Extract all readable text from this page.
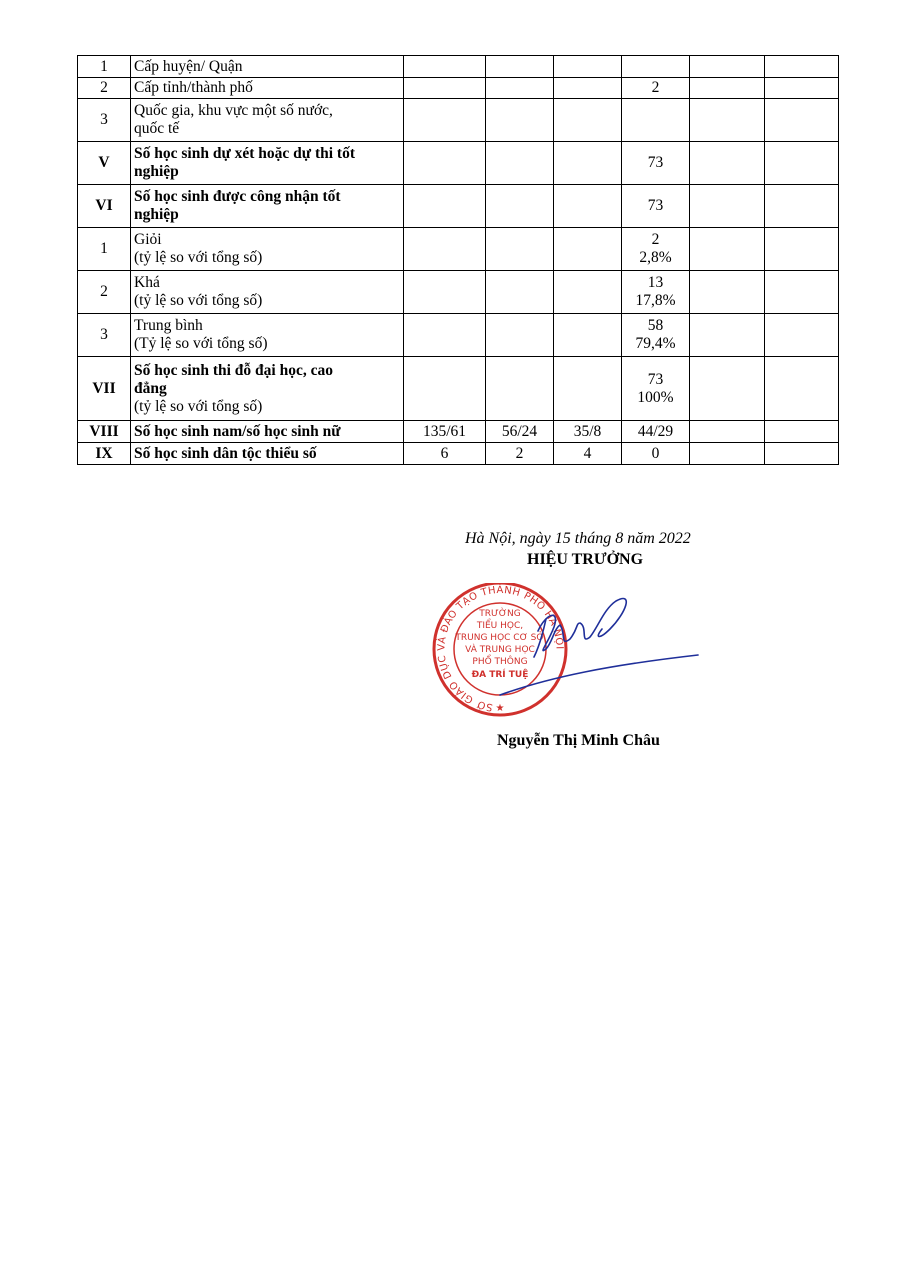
1	Cấp huyện/ Quận						

2	Cấp tỉnh/thành phố				2		

3	Quốc gia, khu vực một số nước,
quốc tế						

V	Số học sinh dự xét hoặc dự thi tốt
nghiệp				73		

VI	Số học sinh được công nhận tốt
nghiệp				73		

1	Giỏi
(tỷ lệ so với tổng số)				2
2,8%		

2	Khá
(tỷ lệ so với tổng số)				13
17,8%		

3	Trung bình
(Tỷ lệ so với tổng số)				58
79,4%		

VII	Số học sinh thi đỗ đại học, cao
đẳng
(tỷ lệ so với tổng số)				73
100%		

VIII	Số học sinh nam/số học sinh nữ	135/61	56/24	35/8	44/29		

IX	Số học sinh dân tộc thiểu số	6	2	4	0		

Hà Nội, ngày 15 tháng 8 năm 2022
HIỆU TRƯỞNG
SỞ GIÁO DỤC VÀ ĐÀO TẠO THÀNH PHỐ HÀ NỘI
TRƯỜNG
TIỂU HỌC,
TRUNG HỌC CƠ SỞ
VÀ TRUNG HỌC
PHỔ THÔNG
ĐA TRÍ TUỆ
★
Nguyễn Thị Minh Châu
